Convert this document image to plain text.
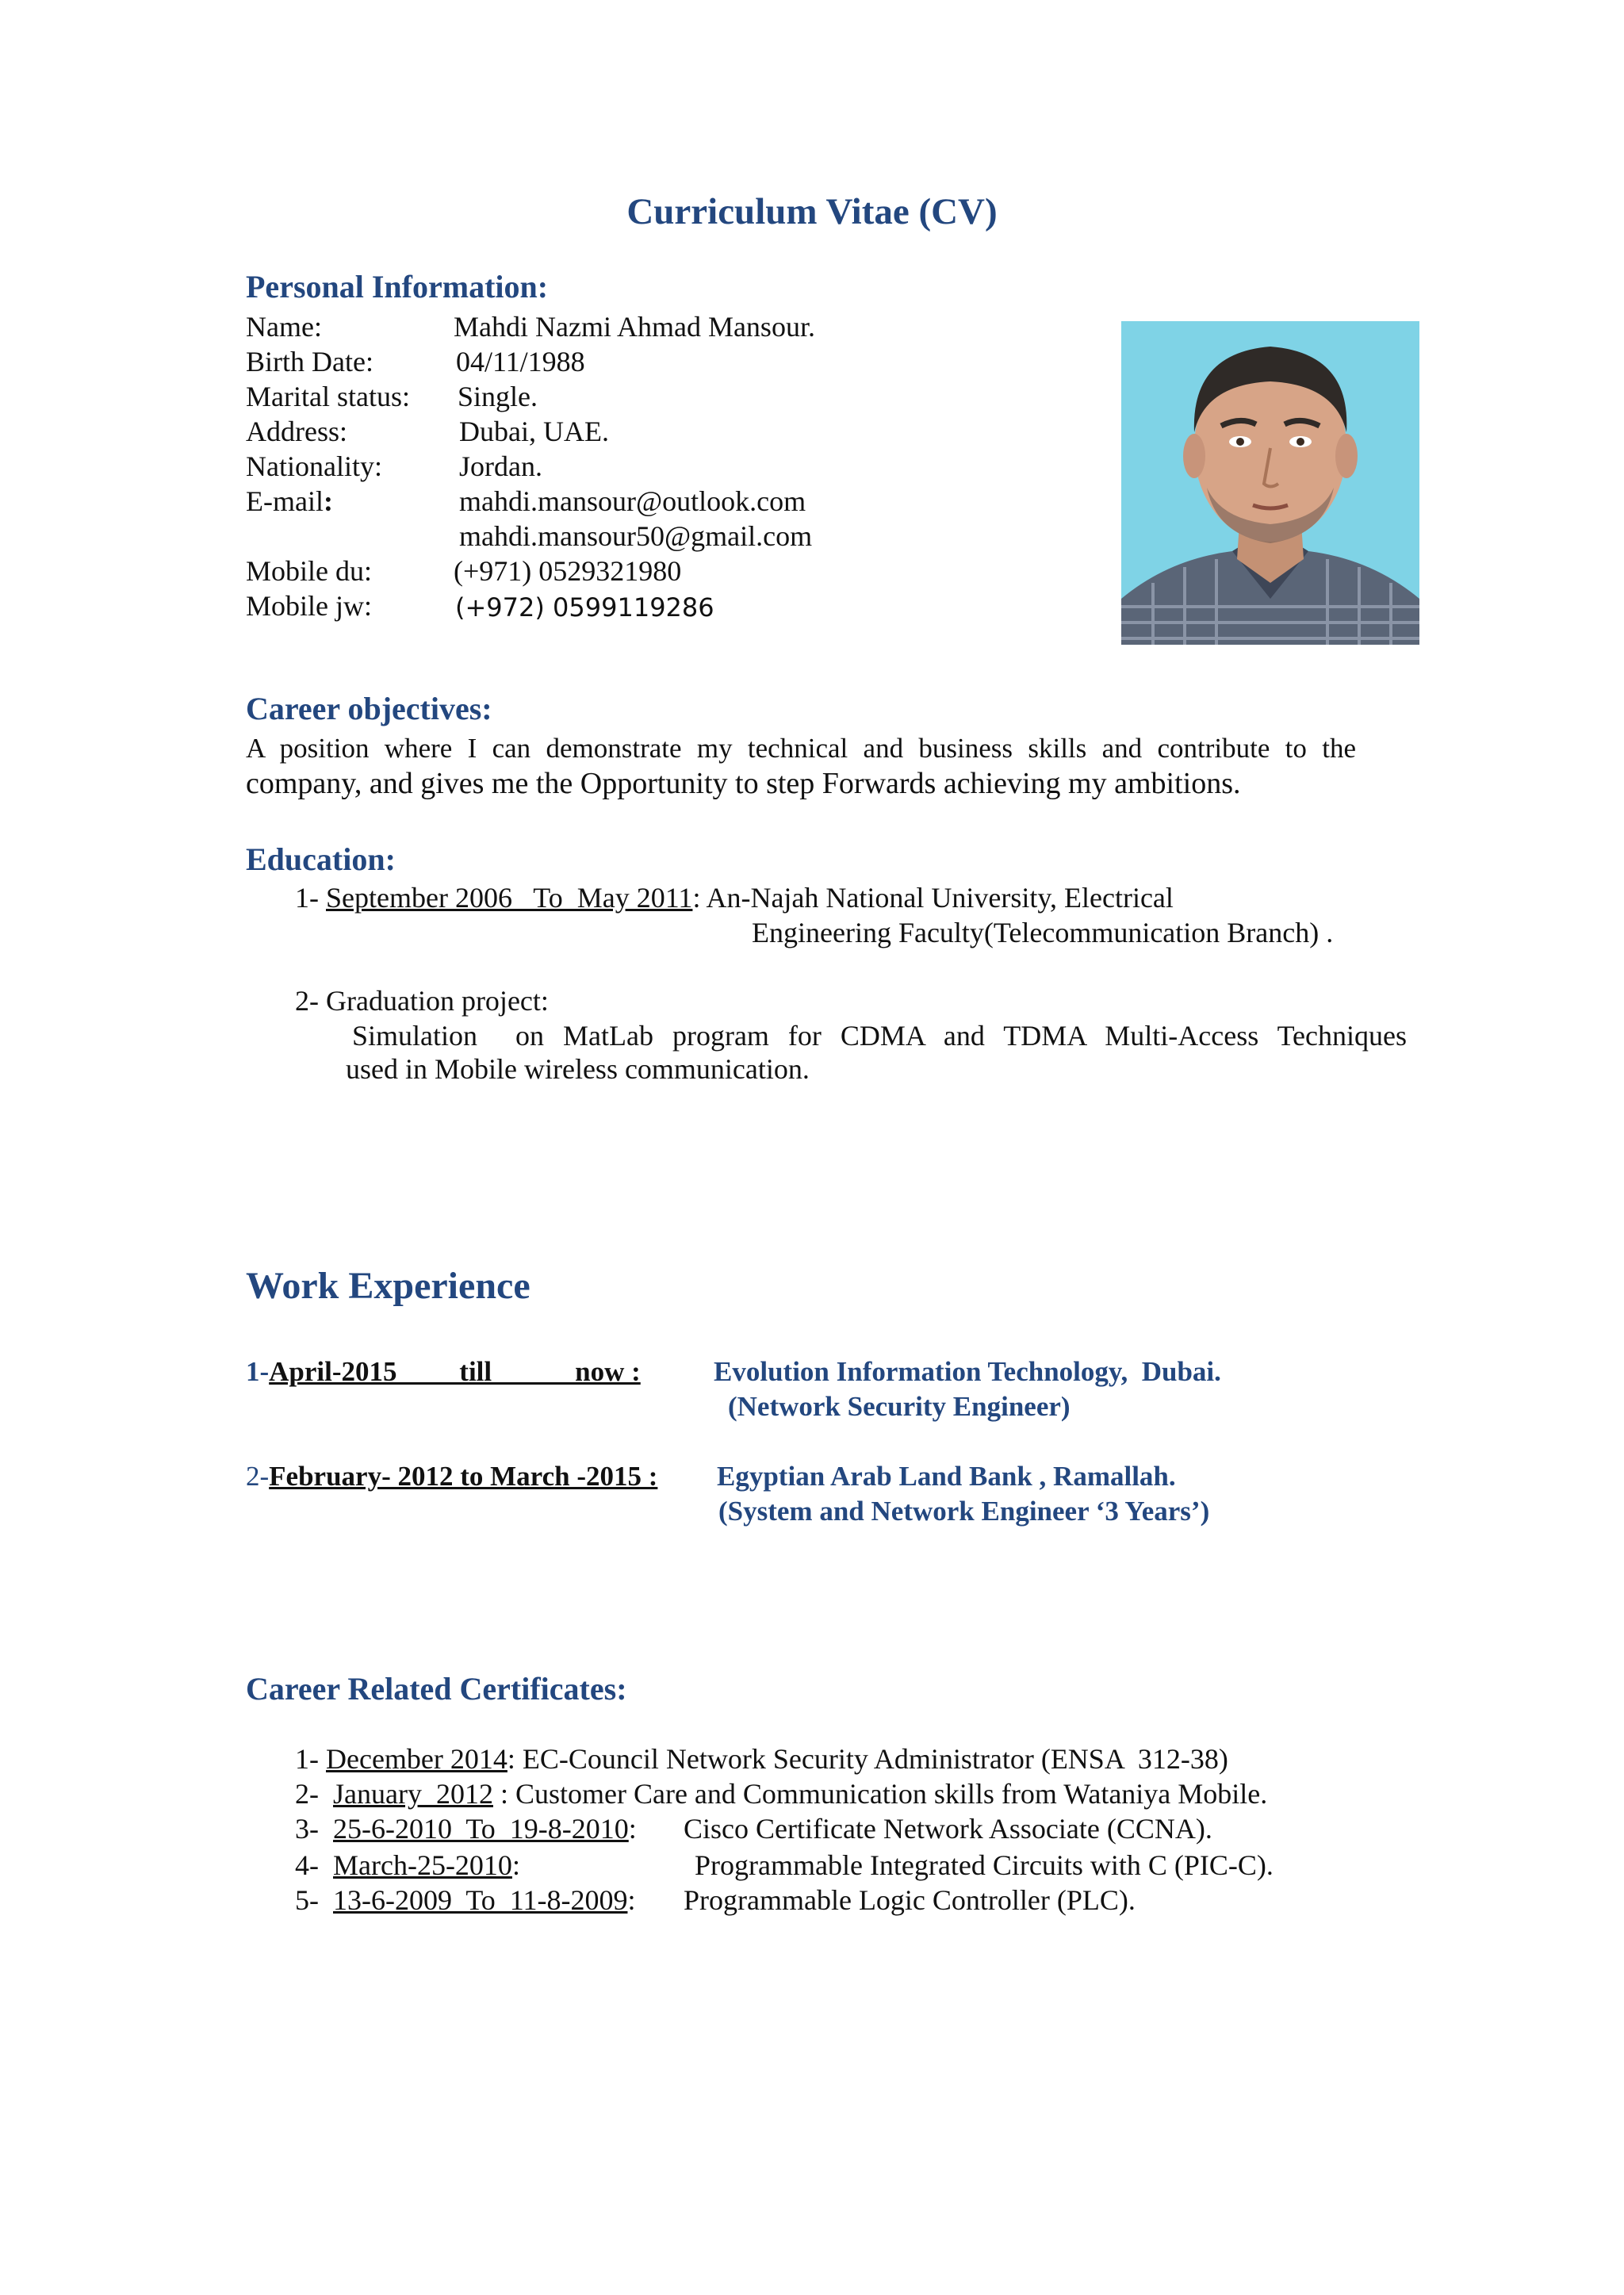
Curriculum Vitae (CV)
Personal Information:
Name:	Mahdi Nazmi Ahmad Mansour.
Birth Date:	04/11/1988
Marital status: Single.
Address:	Dubai, UAE.
Nationality:	Jordan.
E-mail:	mahdi.mansour@outlook.com
mahdi.mansour50@gmail.com
Mobile du:	(+971) 0529321980
Mobile jw:	(+972) 0599119286
Career objectives:
A position where I can demonstrate my technical and business skills and contribute to the
company, and gives me the Opportunity to step Forwards achieving my ambitions.
Education:
1- September 2006   To  May 2011: An-Najah National University, Electrical
Engineering Faculty(Telecommunication Branch) .
2- Graduation project:
Simulation  on MatLab program for CDMA and TDMA Multi-Access Techniques
used in Mobile wireless communication.
Work Experience
1-April-2015         till            now :	Evolution Information Technology,  Dubai.
(Network Security Engineer)
2-February- 2012 to March -2015 : Egyptian Arab Land Bank , Ramallah.
(System and Network Engineer ‘3 Years’)
Career Related Certificates:
1- December 2014: EC-Council Network Security Administrator (ENSA  312-38)
2-  January  2012 : Customer Care and Communication skills from Wataniya Mobile.
3-  25-6-2010  To  19-8-2010: Cisco Certificate Network Associate (CCNA).
4-  March-25-2010:	Programmable Integrated Circuits with C (PIC-C).
5-  13-6-2009  To  11-8-2009: Programmable Logic Controller (PLC).
